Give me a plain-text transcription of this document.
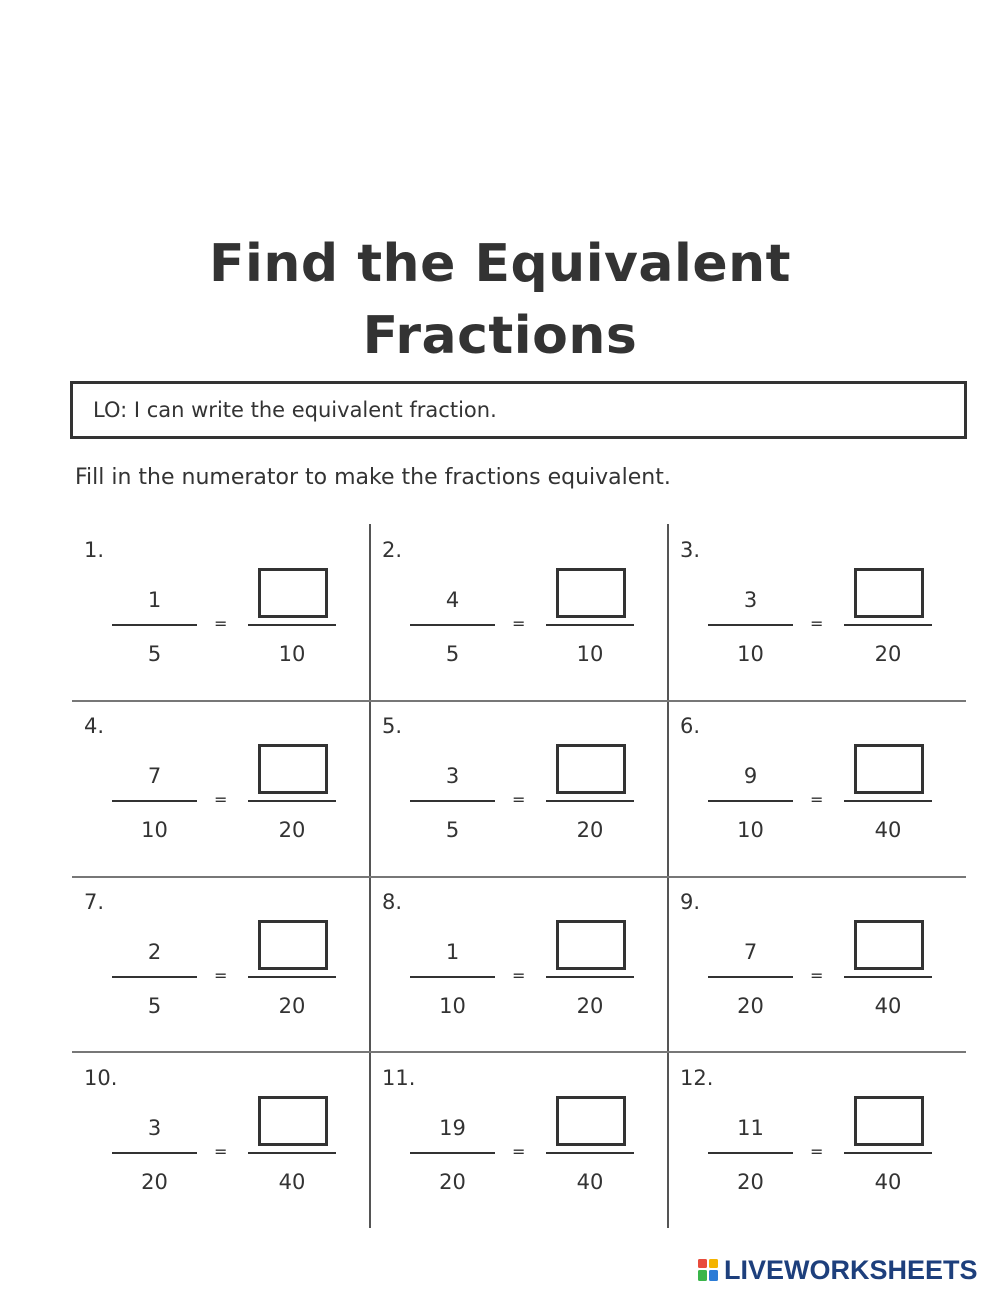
Find the Equivalent
Fractions
LO: I can write the equivalent fraction.
Fill in the numerator to make the fractions equivalent.
1.
1
5
=
10
2.
4
5
=
10
3.
3
10
=
20
4.
7
10
=
20
5.
3
5
=
20
6.
9
10
=
40
7.
2
5
=
20
8.
1
10
=
20
9.
7
20
=
40
10.
3
20
=
40
11.
19
20
=
40
12.
11
20
=
40
LIVEWORKSHEETS
